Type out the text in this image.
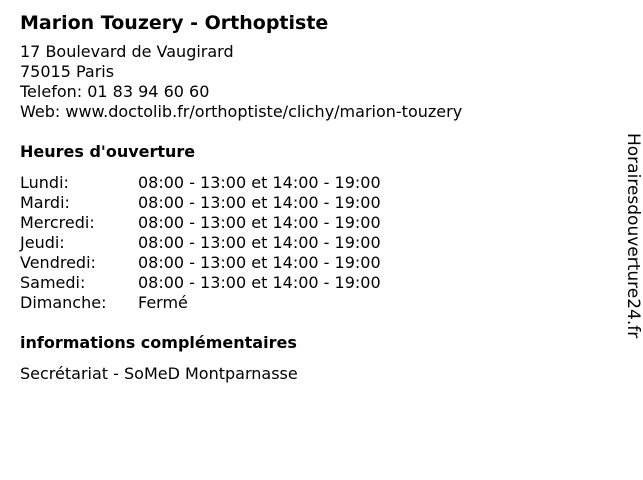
Marion Touzery - Orthoptiste
17 Boulevard de Vaugirard
75015 Paris
Telefon: 01 83 94 60 60
Web: www.doctolib.fr/orthoptiste/clichy/marion-touzery
Heures d'ouverture
Lundi:	08:00 - 13:00 et 14:00 - 19:00
Mardi:	08:00 - 13:00 et 14:00 - 19:00
Mercredi:	08:00 - 13:00 et 14:00 - 19:00
Jeudi:	08:00 - 13:00 et 14:00 - 19:00
Vendredi:	08:00 - 13:00 et 14:00 - 19:00
Samedi:	08:00 - 13:00 et 14:00 - 19:00
Dimanche:	Fermé
informations complémentaires
Secrétariat - SoMeD Montparnasse
Horairesdouverture24.fr
